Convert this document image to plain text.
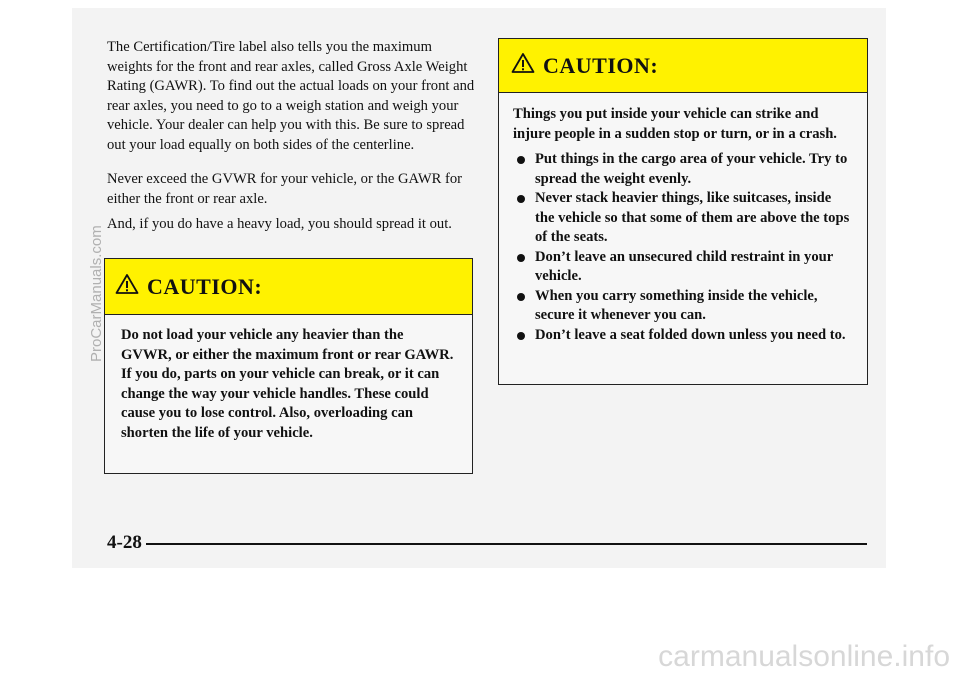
The Certification/Tire label also tells you the maximum weights for the front and rear axles, called Gross Axle Weight Rating (GAWR). To find out the actual loads on your front and rear axles, you need to go to a weigh station and weigh your vehicle. Your dealer can help you with this. Be sure to spread out your load equally on both sides of the centerline.

Never exceed the GVWR for your vehicle, or the GAWR for either the front or rear axle.

And, if you do have a heavy load, you should spread it out.

CAUTION:
Do not load your vehicle any heavier than the GVWR, or either the maximum front or rear GAWR. If you do, parts on your vehicle can break, or it can change the way your vehicle handles. These could cause you to lose control. Also, overloading can shorten the life of your vehicle.
CAUTION:
Things you put inside your vehicle can strike and injure people in a sudden stop or turn, or in a crash.
Put things in the cargo area of your vehicle. Try to spread the weight evenly.
Never stack heavier things, like suitcases, inside the vehicle so that some of them are above the tops of the seats.
Don’t leave an unsecured child restraint in your vehicle.
When you carry something inside the vehicle, secure it whenever you can.
Don’t leave a seat folded down unless you need to.
4-28
ProCarManuals.com
carmanualsonline.info
